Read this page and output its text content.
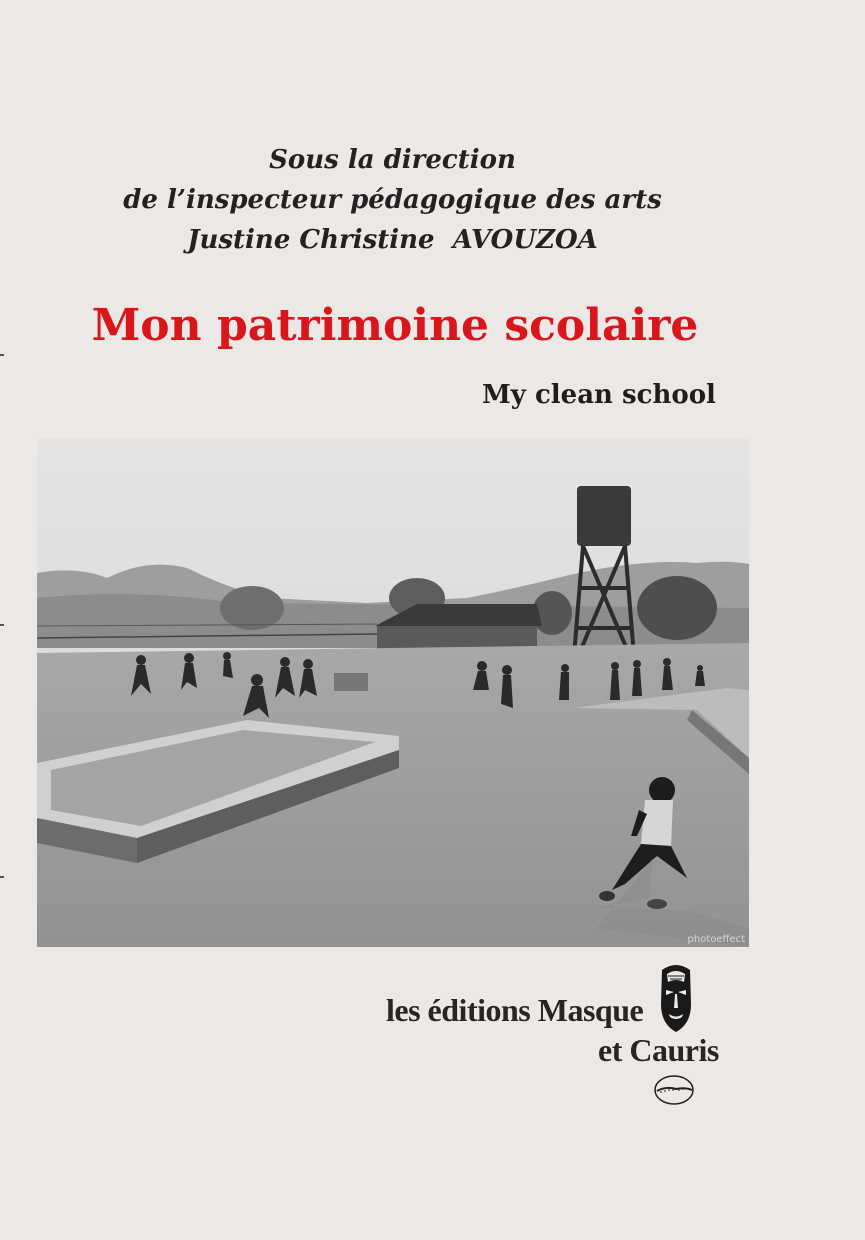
Sous la direction
de l’inspecteur pédagogique des arts
Justine Christine  AVOUZOA
Mon patrimoine scolaire
My clean school
photoeffect
les éditions Masque
et Cauris
